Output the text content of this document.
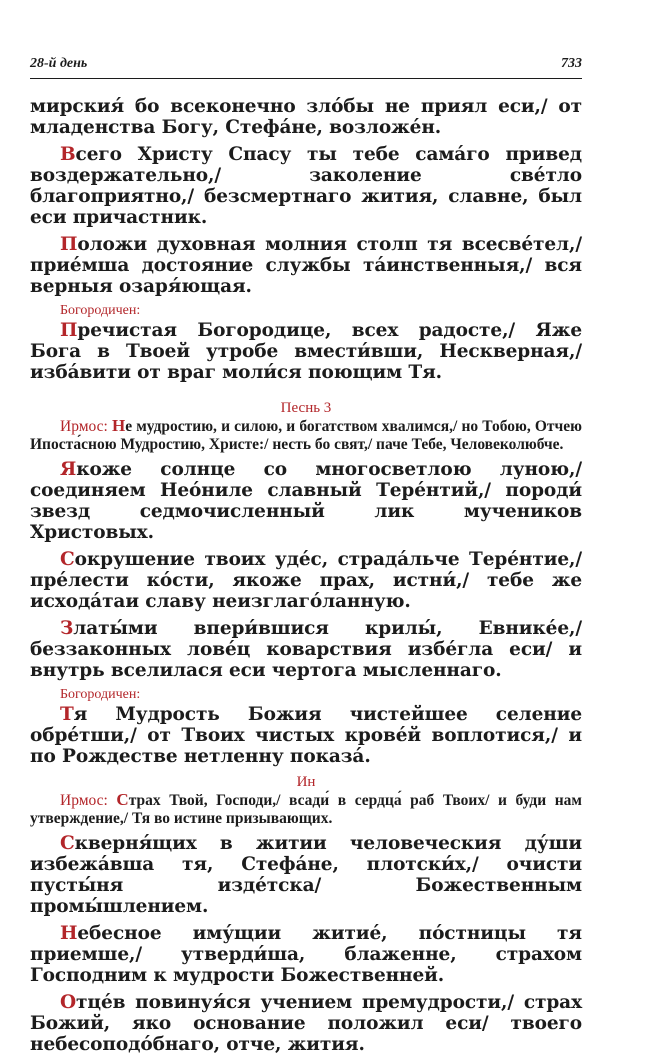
28-й день	733

мирския́ бо всеконечно зло́бы не приял еси,/ от младенства Богу, Стефа́не, возложе́н.

Всего Христу Спасу ты тебе сама́го привед воздержательно,/ заколение све́тло благоприятно,/ безсмертнаго жития, славне, был еси причастник.

Положи духовная молния столп тя всесве́тел,/ прие́мша достояние службы та́инственныя,/ вся верныя озаря́ющая.

Богородичен:

Пречистая Богородице, всех радосте,/ Яже Бога в Твоей утробе вмести́вши, Нескверная,/ изба́вити от враг моли́ся поющим Тя.

Песнь 3

Ирмос: Не мудростию, и силою, и богатством хвалимся,/ но Тобою, Отчею Ипоста́сною Мудростию, Христе:/ несть бо свят,/ паче Тебе, Человеколюбче.

Якоже солнце со многосветлою луною,/ соединяем Нео́ниле славный Тере́нтий,/ породи́ звезд седмочисленный лик мучеников Христовых.

Сокрушение твоих уде́с, страда́льче Тере́нтие,/ пре́лести ко́сти, якоже прах, истни́,/ тебе же исхода́таи славу неизглаго́ланную.

Златы́ми впери́вшися крилы́, Евнике́е,/ беззаконных лове́ц коварствия избе́гла еси/ и внутрь вселилася еси чертога мысленнаго.

Богородичен:

Тя Мудрость Божия чистейшее селение обре́тши,/ от Твоих чистых крове́й воплотися,/ и по Рождестве нетленну показа́.

Ин

Ирмос: Страх Твой, Господи,/ всади́ в сердца́ раб Твоих/ и буди нам утверждение,/ Тя во истине призывающих.

Скверня́щих в житии человеческия ду́ши избежа́вша тя, Стефа́не, плотски́х,/ очисти пусты́ня изде́тска/ Божественным промы́шлением.

Небесное иму́щии житие́, по́стницы тя приемше,/ утверди́ша, блаженне, страхом Господним к мудрости Божественней.

Отце́в повинуя́ся учением премудрости,/ страх Божий, яко основание положил еси/ твоего небесоподо́бнаго, отче, жития.
